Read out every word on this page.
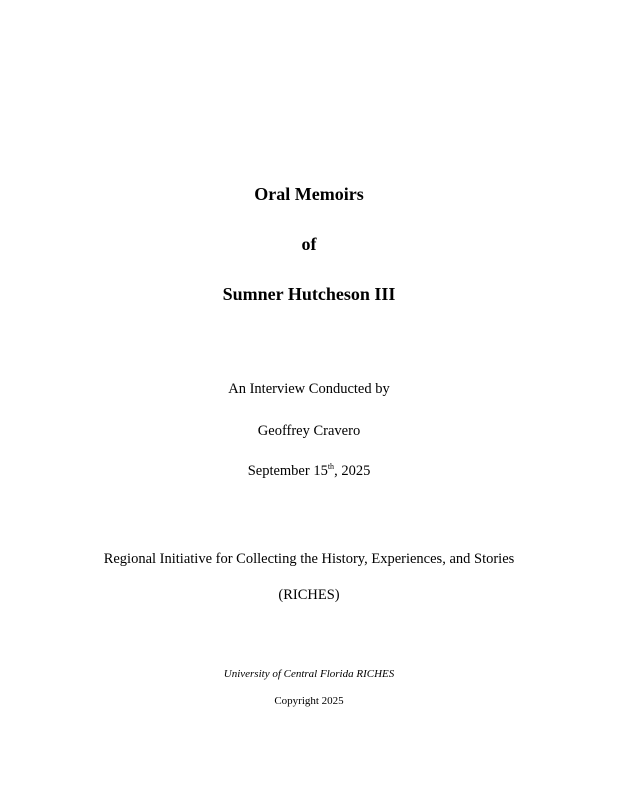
Oral Memoirs
of
Sumner Hutcheson III
An Interview Conducted by
Geoffrey Cravero
September 15th, 2025
Regional Initiative for Collecting the History, Experiences, and Stories
(RICHES)
University of Central Florida RICHES
Copyright 2025
